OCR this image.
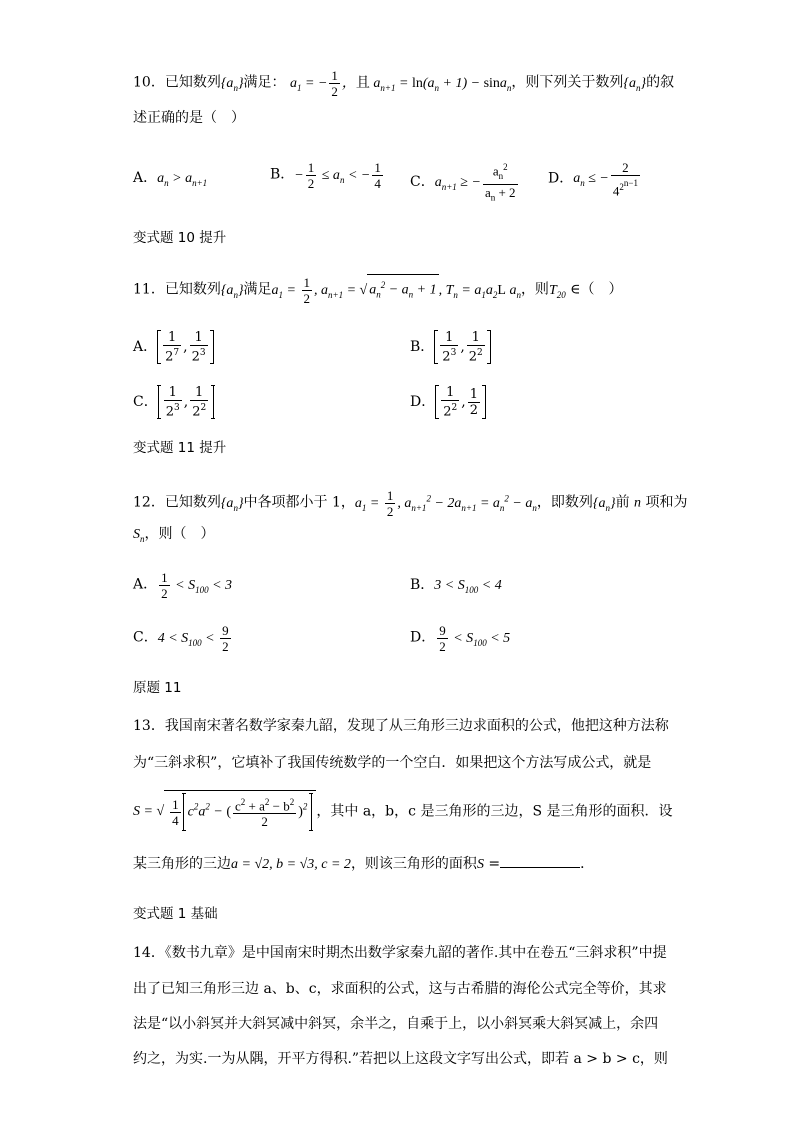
10．已知数列$\{a_n\}$满足： $a_1$ = − $\frac{1}{2}$ ，且 $a_{n+1} = \ln(a_n + 1) - \sin a_n$，则下列关于数列$\{a_n\}$的叙
述正确的是（　）
A．$a_n > a_{n+1}$
B．− $\frac{1}{2} \le a_n$ < − $\frac{1}{4}$ C．$a_{n+1}$ ≥ − $\frac{a_n^2}{a_n + 2}$ D．$a_n$ ≤ − $\frac{2}{4^{2^{n-1}}}$
变式题 10 提升
11．已知数列$\{a_n\}$满足$a_1 = \frac{1}{2}$ , $a_{n+1}$ = √ $a_n^2 - a_n + 1$ , $T_n = a_1a_2L$ $a_n$，则$T_{20}$ ∈（　）
A． $\frac{1}{2^7}$ , $\frac{1}{2^3}$	B． $\frac{1}{2^3}$ , $\frac{1}{2^2}$
C． $\frac{1}{2^3}$ , $\frac{1}{2^2}$	D． $\frac{1}{2^2}$ , $\frac{1}{2}$
变式题 11 提升
12．已知数列$\{a_n\}$中各项都小于 1，$a_1 = \frac{1}{2}$ , $a_{n+1}^2 - 2a_{n+1} = a_n^2 - a_n$，即数列$\{a_n\}$前 n 项和为
$S_n$，则（　）
A． $\frac{1}{2} < S_{100} < 3$	B．$3 < S_{100} < 4$
C．$4 < S_{100} < \frac{9}{2}$	D． $\frac{9}{2} < S_{100} < 5$
原题 11
13．我国南宋著名数学家秦九韶，发现了从三角形三边求面积的公式，他把这种方法称
为“三斜求积”，它填补了我国传统数学的一个空白．如果把这个方法写成公式，就是
S = √ $\frac{1}{4} c^2a^2$ − ( $\frac{c^2 + a^2 - b^2}{2} )^2$ ，其中 a，b，c 是三角形的三边，S 是三角形的面积．设
某三角形的三边a = √2, b = √3, c = 2，则该三角形的面积S =	．
变式题 1 基础
14．《数书九章》是中国南宋时期杰出数学家秦九韶的著作.其中在卷五“三斜求积”中提
出了已知三角形三边 a、b、c，求面积的公式，这与古希腊的海伦公式完全等价，其求
法是“以小斜冥并大斜冥减中斜冥，余半之，自乘于上，以小斜冥乘大斜冥减上，余四
约之，为实.一为从隅，开平方得积.”若把以上这段文字写出公式，即若 a > b > c，则
